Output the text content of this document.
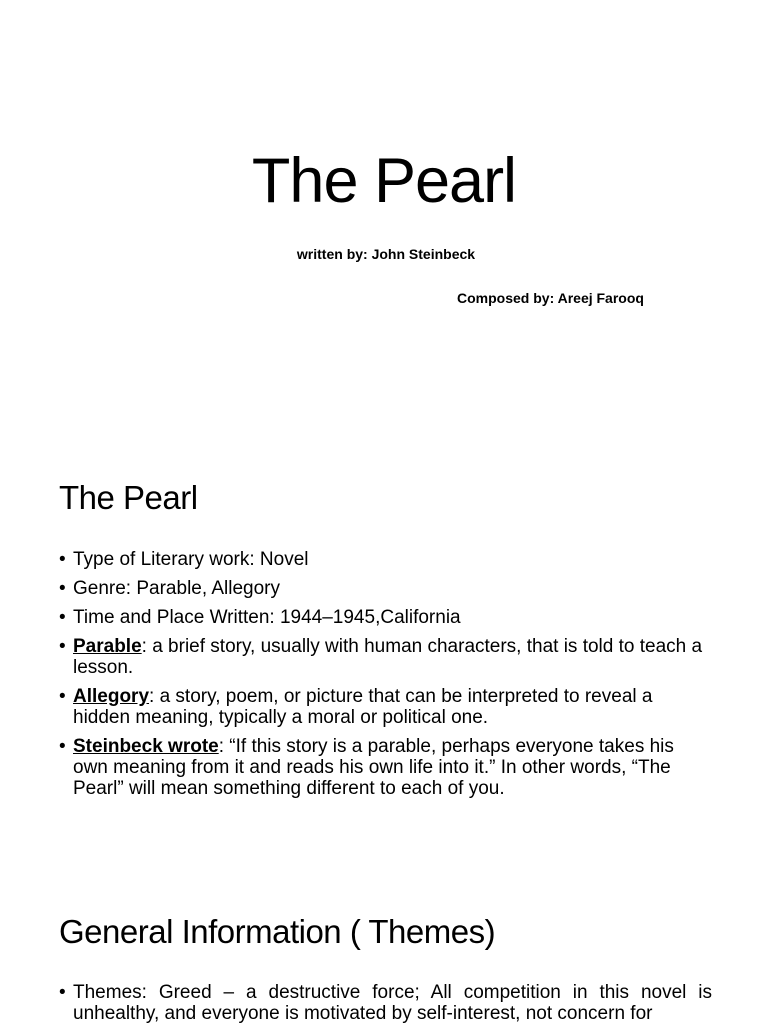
The Pearl

written by: John Steinbeck

Composed by: Areej Farooq

The Pearl
• Type of Literary work: Novel
• Genre: Parable, Allegory
• Time and Place Written: 1944–1945,California
• Parable: a brief story, usually with human characters, that is told to teach a lesson.
• Allegory: a story, poem, or picture that can be interpreted to reveal a hidden meaning, typically a moral or political one.
• Steinbeck wrote: “If this story is a parable, perhaps everyone takes his own meaning from it and reads his own life into it.” In other words, “The Pearl” will mean something different to each of you.
General Information ( Themes)
• Themes: Greed – a destructive force; All competition in this novel is unhealthy, and everyone is motivated by self-interest, not concern for
